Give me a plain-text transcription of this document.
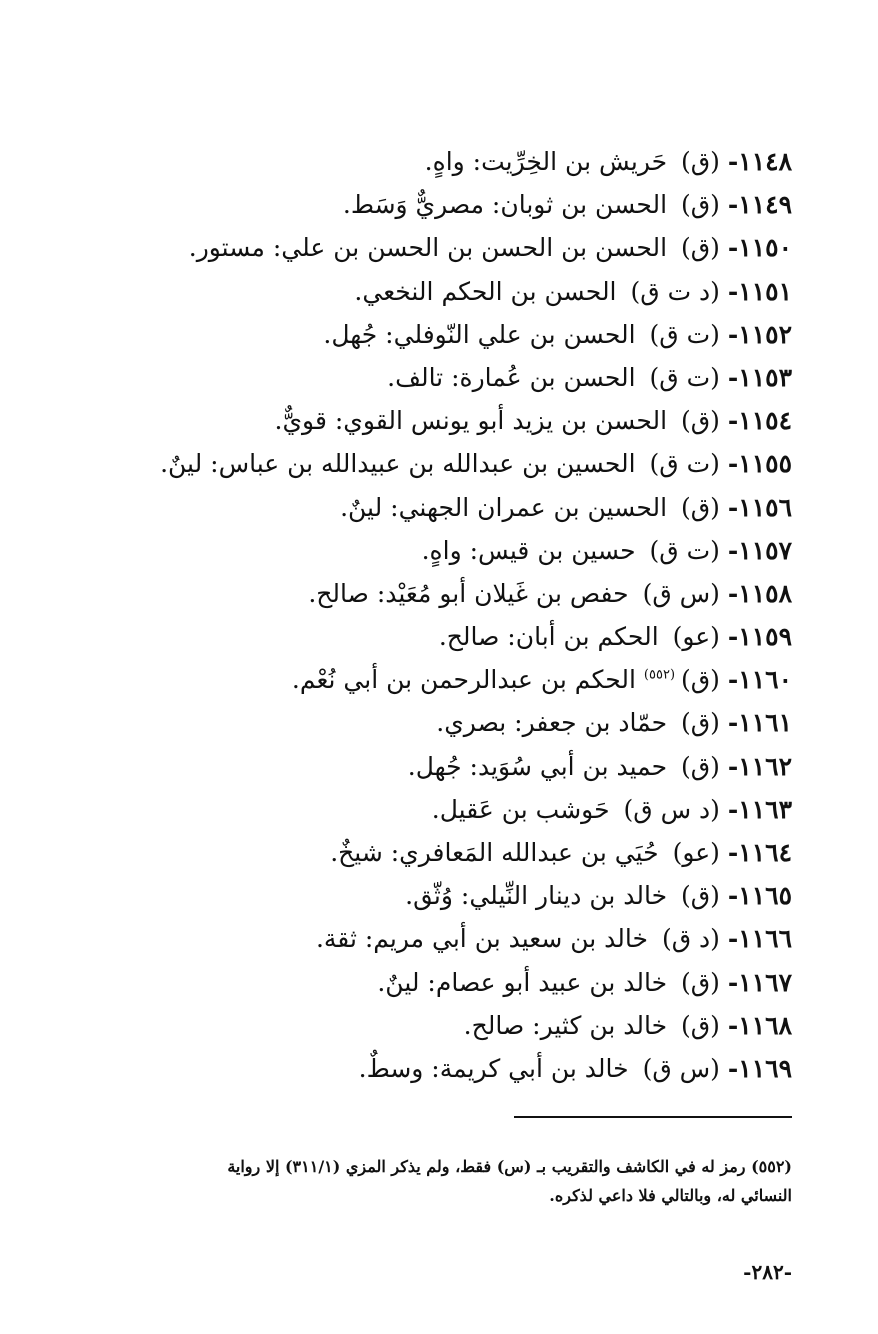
١١٤٨- (ق) حَريش بن الخِرِّيت: واهٍ.
١١٤٩- (ق) الحسن بن ثوبان: مصريٌّ وَسَط.
١١٥٠- (ق) الحسن بن الحسن بن الحسن بن علي: مستور.
١١٥١- (د ت ق) الحسن بن الحكم النخعي.
١١٥٢- (ت ق) الحسن بن علي النّوفلي: جُهل.
١١٥٣- (ت ق) الحسن بن عُمارة: تالف.
١١٥٤- (ق) الحسن بن يزيد أبو يونس القوي: قويٌّ.
١١٥٥- (ت ق) الحسين بن عبدالله بن عبيدالله بن عباس: لينٌ.
١١٥٦- (ق) الحسين بن عمران الجهني: لينٌ.
١١٥٧- (ت ق) حسين بن قيس: واهٍ.
١١٥٨- (س ق) حفص بن غَيلان أبو مُعَيْد: صالح.
١١٥٩- (عو) الحكم بن أبان: صالح.
١١٦٠- (ق)$^{(٥٥٢)}$ الحكم بن عبدالرحمن بن أبي نُعْم.
١١٦١- (ق) حمّاد بن جعفر: بصري.
١١٦٢- (ق) حميد بن أبي سُوَيد: جُهل.
١١٦٣- (د س ق) حَوشب بن عَقيل.
١١٦٤- (عو) حُيَي بن عبدالله المَعافري: شيخٌ.
١١٦٥- (ق) خالد بن دينار النِّيلي: وُثّق.
١١٦٦- (د ق) خالد بن سعيد بن أبي مريم: ثقة.
١١٦٧- (ق) خالد بن عبيد أبو عصام: لينٌ.
١١٦٨- (ق) خالد بن كثير: صالح.
١١٦٩- (س ق) خالد بن أبي كريمة: وسطٌ.

(٥٥٢) رمز له في الكاشف والتقريب بـ (س) فقط، ولم يذكر المزي (٣١١/١) إلا رواية
النسائي له، وبالتالي فلا داعي لذكره.

-٢٨٢-
